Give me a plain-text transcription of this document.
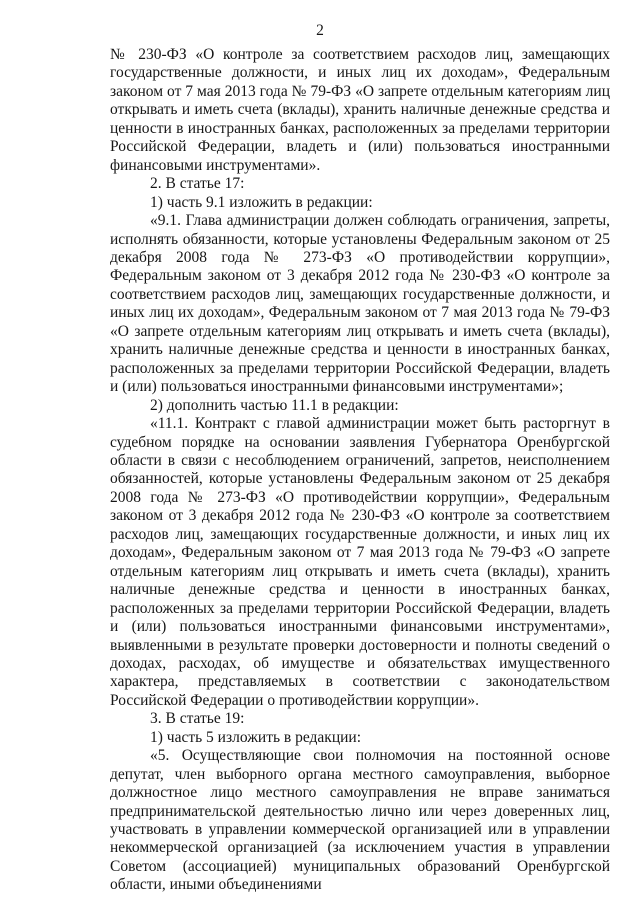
2

№ 230-ФЗ «О контроле за соответствием расходов лиц, замещающих государственные должности, и иных лиц их доходам», Федеральным законом от 7 мая 2013 года № 79-ФЗ «О запрете отдельным категориям лиц открывать и иметь счета (вклады), хранить наличные денежные средства и ценности в иностранных банках, расположенных за пределами территории Российской Федерации, владеть и (или) пользоваться иностранными финансовыми инструментами».

2. В статье 17:

1) часть 9.1 изложить в редакции:

«9.1. Глава администрации должен соблюдать ограничения, запреты, исполнять обязанности, которые установлены Федеральным законом от 25 декабря 2008 года № 273-ФЗ «О противодействии коррупции», Федеральным законом от 3 декабря 2012 года № 230-ФЗ «О контроле за соответствием расходов лиц, замещающих государственные должности, и иных лиц их доходам», Федеральным законом от 7 мая 2013 года № 79-ФЗ «О запрете отдельным категориям лиц открывать и иметь счета (вклады), хранить наличные денежные средства и ценности в иностранных банках, расположенных за пределами территории Российской Федерации, владеть и (или) пользоваться иностранными финансовыми инструментами»;

2) дополнить частью 11.1 в редакции:

«11.1. Контракт с главой администрации может быть расторгнут в судебном порядке на основании заявления Губернатора Оренбургской области в связи с несоблюдением ограничений, запретов, неисполнением обязанностей, которые установлены Федеральным законом от 25 декабря 2008 года № 273-ФЗ «О противодействии коррупции», Федеральным законом от 3 декабря 2012 года № 230-ФЗ «О контроле за соответствием расходов лиц, замещающих государственные должности, и иных лиц их доходам», Федеральным законом от 7 мая 2013 года № 79-ФЗ «О запрете отдельным категориям лиц открывать и иметь счета (вклады), хранить наличные денежные средства и ценности в иностранных банках, расположенных за пределами территории Российской Федерации, владеть и (или) пользоваться иностранными финансовыми инструментами», выявленными в результате проверки достоверности и полноты сведений о доходах, расходах, об имуществе и обязательствах имущественного характера, представляемых в соответствии с законодательством Российской Федерации о противодействии коррупции».

3. В статье 19:

1) часть 5 изложить в редакции:

«5. Осуществляющие свои полномочия на постоянной основе депутат, член выборного органа местного самоуправления, выборное должностное лицо местного самоуправления не вправе заниматься предпринимательской деятельностью лично или через доверенных лиц, участвовать в управлении коммерческой организацией или в управлении некоммерческой организацией (за исключением участия в управлении Советом (ассоциацией) муниципальных образований Оренбургской области, иными объединениями
